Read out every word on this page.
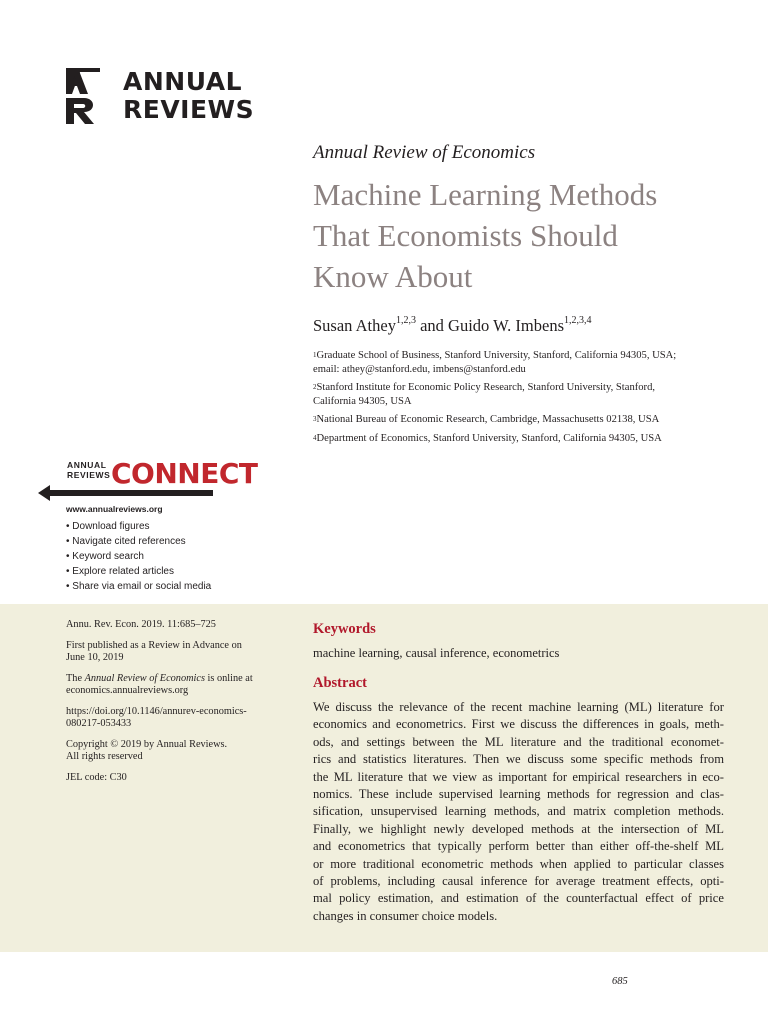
ANNUAL
REVIEWS
Annual Review of Economics
Machine Learning Methods
That Economists Should
Know About
Susan Athey$^{1,2,3}$ and Guido W. Imbens$^{1,2,3,4}$
$^1$Graduate School of Business, Stanford University, Stanford, California 94305, USA;
email: athey@stanford.edu, imbens@stanford.edu
$^2$Stanford Institute for Economic Policy Research, Stanford University, Stanford,
California 94305, USA
$^3$National Bureau of Economic Research, Cambridge, Massachusetts 02138, USA
$^4$Department of Economics, Stanford University, Stanford, California 94305, USA
ANNUAL
REVIEWS CONNECT
www.annualreviews.org
• Download figures
• Navigate cited references
• Keyword search
• Explore related articles
• Share via email or social media

Annu. Rev. Econ. 2019. 11:685–725

First published as a Review in Advance on
June 10, 2019

The Annual Review of Economics is online at
economics.annualreviews.org

https://doi.org/10.1146/annurev-economics-
080217-053433

Copyright © 2019 by Annual Reviews.
All rights reserved

JEL code: C30

Keywords
machine learning, causal inference, econometrics
Abstract
We discuss the relevance of the recent machine learning (ML) literature for
economics and econometrics. First we discuss the differences in goals, meth-
ods, and settings between the ML literature and the traditional economet-
rics and statistics literatures. Then we discuss some specific methods from
the ML literature that we view as important for empirical researchers in eco-
nomics. These include supervised learning methods for regression and clas-
sification, unsupervised learning methods, and matrix completion methods.
Finally, we highlight newly developed methods at the intersection of ML
and econometrics that typically perform better than either off-the-shelf ML
or more traditional econometric methods when applied to particular classes
of problems, including causal inference for average treatment effects, opti-
mal policy estimation, and estimation of the counterfactual effect of price
changes in consumer choice models.
685
